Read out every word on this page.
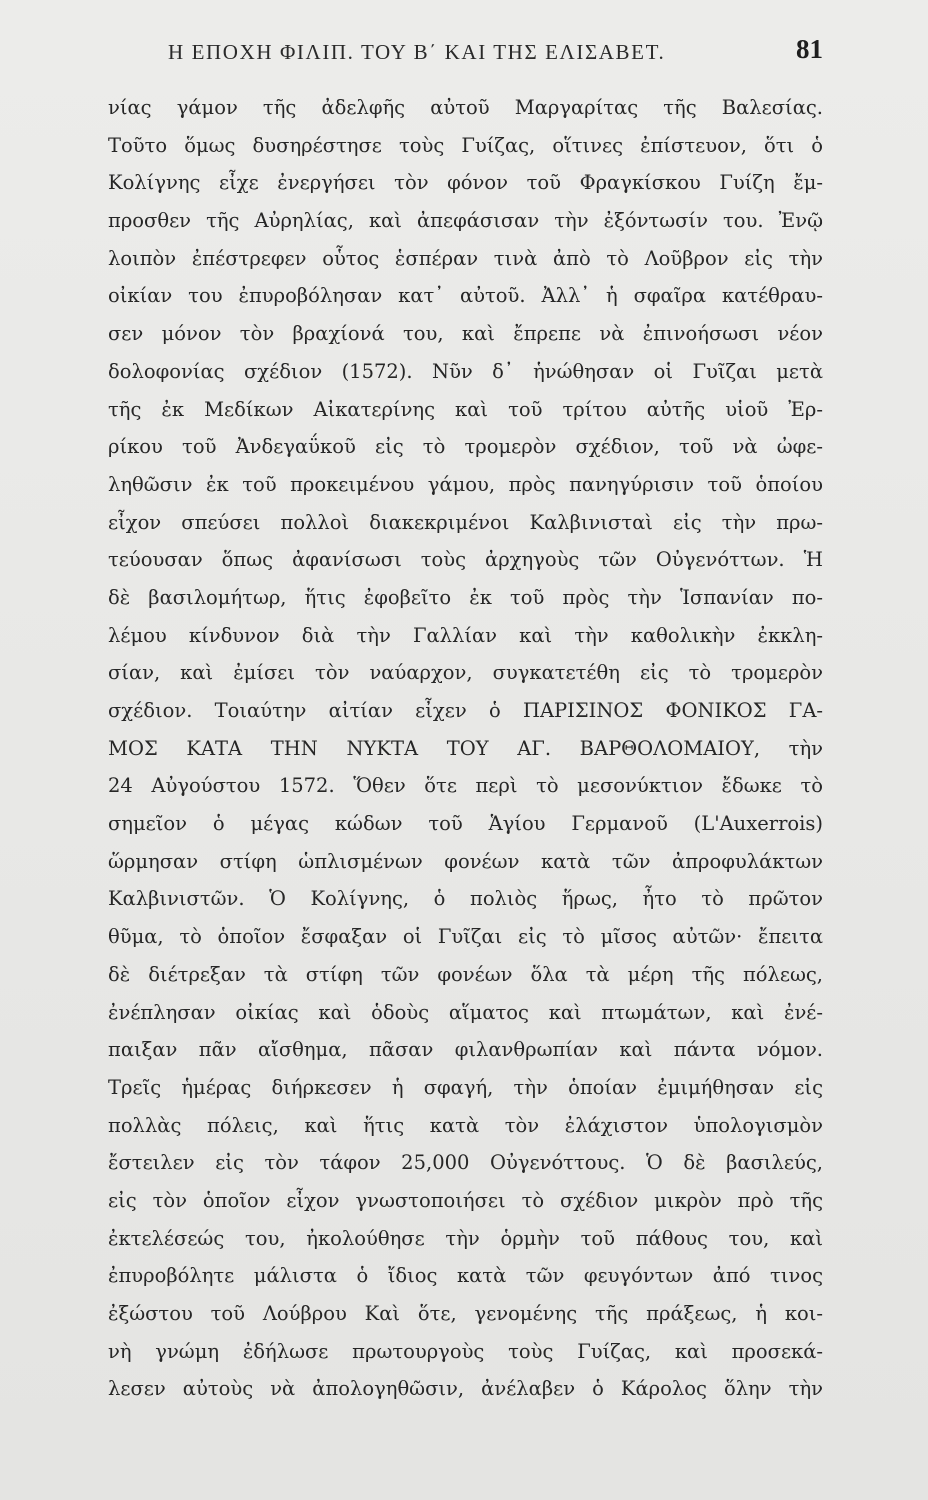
Η ΕΠΟΧΗ ΦΙΛΙΠ. ΤΟΥ Β΄ ΚΑΙ ΤΗΣ ΕΛΙΣΑΒΕΤ.	81
νίας γάμον τῆς ἀδελφῆς αὐτοῦ Μαργαρίτας τῆς Βαλεσίας.
Τοῦτο ὅμως δυσηρέστησε τοὺς Γυίζας, οἵτινες ἐπίστευον, ὅτι ὁ
Κολίγνης εἶχε ἐνεργήσει τὸν φόνον τοῦ Φραγκίσκου Γυίζη ἔμ-
προσθεν τῆς Αὐρηλίας, καὶ ἀπεφάσισαν τὴν ἐξόντωσίν του. Ἐνῷ
λοιπὸν ἐπέστρεφεν οὗτος ἑσπέραν τινὰ ἀπὸ τὸ Λοῦβρον εἰς τὴν
οἰκίαν του ἐπυροβόλησαν κατ᾽ αὐτοῦ. Ἀλλ᾽ ἡ σφαῖρα κατέθραυ-
σεν μόνον τὸν βραχίονά του, καὶ ἔπρεπε νὰ ἐπινοήσωσι νέον
δολοφονίας σχέδιον (1572). Νῦν δ᾽ ἡνώθησαν οἱ Γυῖζαι μετὰ
τῆς ἐκ Μεδίκων Αἰκατερίνης καὶ τοῦ τρίτου αὐτῆς υἱοῦ Ἐρ-
ρίκου τοῦ Ἀνδεγαΰκοῦ εἰς τὸ τρομερὸν σχέδιον, τοῦ νὰ ὠφε-
ληθῶσιν ἐκ τοῦ προκειμένου γάμου, πρὸς πανηγύρισιν τοῦ ὁποίου
εἶχον σπεύσει πολλοὶ διακεκριμένοι Καλβινισταὶ εἰς τὴν πρω-
τεύουσαν ὅπως ἀφανίσωσι τοὺς ἀρχηγοὺς τῶν Οὐγενόττων. Ἡ
δὲ βασιλομήτωρ, ἥτις ἐφοβεῖτο ἐκ τοῦ πρὸς τὴν Ἱσπανίαν πο-
λέμου κίνδυνον διὰ τὴν Γαλλίαν καὶ τὴν καθολικὴν ἐκκλη-
σίαν, καὶ ἐμίσει τὸν ναύαρχον, συγκατετέθη εἰς τὸ τρομερὸν
σχέδιον. Τοιαύτην αἰτίαν εἶχεν ὁ ΠΑΡΙΣΙΝΟΣ ΦΟΝΙΚΟΣ ΓΑ-
ΜΟΣ ΚΑΤΑ ΤΗΝ ΝΥΚΤΑ ΤΟΥ ΑΓ. ΒΑΡΘΟΛΟΜΑΙΟΥ, τὴν
24 Αὐγούστου 1572. Ὅθεν ὅτε περὶ τὸ μεσονύκτιον ἔδωκε τὸ
σημεῖον ὁ μέγας κώδων τοῦ Ἁγίου Γερμανοῦ (L'Auxerrois)
ὥρμησαν στίφη ὡπλισμένων φονέων κατὰ τῶν ἀπροφυλάκτων
Καλβινιστῶν. Ὁ Κολίγνης, ὁ πολιὸς ἥρως, ἦτο τὸ πρῶτον
θῦμα, τὸ ὁποῖον ἔσφαξαν οἱ Γυῖζαι εἰς τὸ μῖσος αὐτῶν· ἔπειτα
δὲ διέτρεξαν τὰ στίφη τῶν φονέων ὅλα τὰ μέρη τῆς πόλεως,
ἐνέπλησαν οἰκίας καὶ ὁδοὺς αἵματος καὶ πτωμάτων, καὶ ἐνέ-
παιξαν πᾶν αἴσθημα, πᾶσαν φιλανθρωπίαν καὶ πάντα νόμον.
Τρεῖς ἡμέρας διήρκεσεν ἡ σφαγή, τὴν ὁποίαν ἐμιμήθησαν εἰς
πολλὰς πόλεις, καὶ ἥτις κατὰ τὸν ἐλάχιστον ὑπολογισμὸν
ἔστειλεν εἰς τὸν τάφον 25,000 Οὐγενόττους. Ὁ δὲ βασιλεύς,
εἰς τὸν ὁποῖον εἶχον γνωστοποιήσει τὸ σχέδιον μικρὸν πρὸ τῆς
ἐκτελέσεώς του, ἠκολούθησε τὴν ὁρμὴν τοῦ πάθους του, καὶ
ἐπυροβόλητε μάλιστα ὁ ἴδιος κατὰ τῶν φευγόντων ἀπό τινος
ἐξώστου τοῦ Λούβρου Καὶ ὅτε, γενομένης τῆς πράξεως, ἡ κοι-
νὴ γνώμη ἐδήλωσε πρωτουργοὺς τοὺς Γυίζας, καὶ προσεκά-
λεσεν αὐτοὺς νὰ ἀπολογηθῶσιν, ἀνέλαβεν ὁ Κάρολος ὅλην τὴν
